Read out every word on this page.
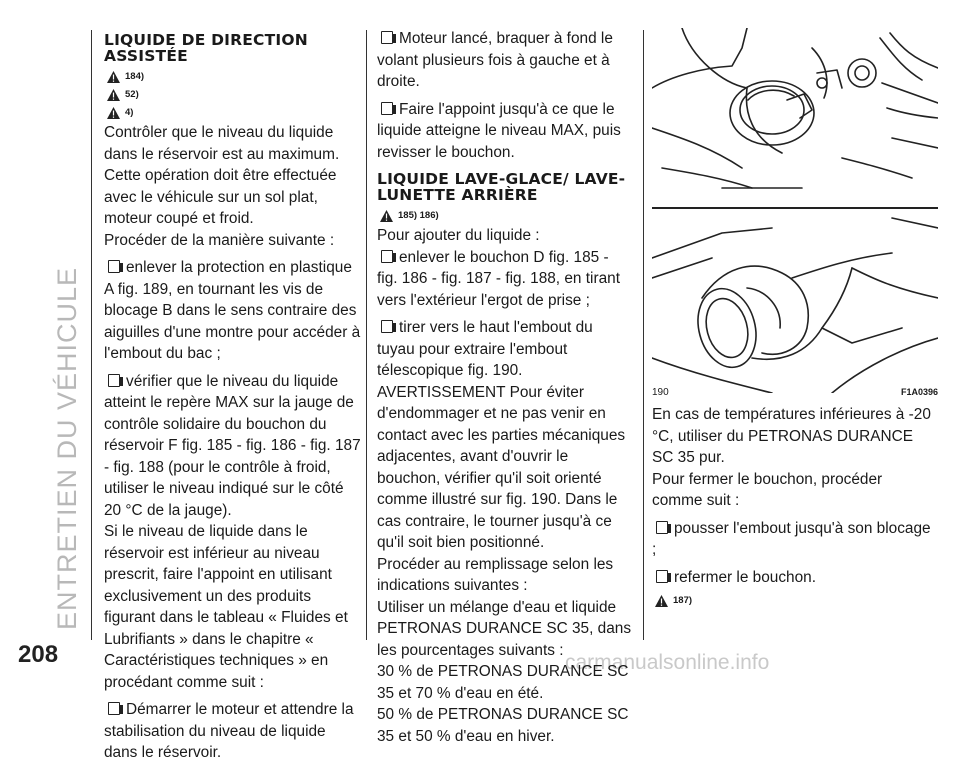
ENTRETIEN DU VÉHICULE
208	carmanualsonline.info
LIQUIDE DE DIRECTION ASSISTÉE
184)
52)
4)

Contrôler que le niveau du liquide dans le réservoir est au maximum. Cette opération doit être effectuée avec le véhicule sur un sol plat, moteur coupé et froid.

Procéder de la manière suivante :

enlever la protection en plastique A fig. 189, en tournant les vis de blocage B dans le sens contraire des aiguilles d'une montre pour accéder à l'embout du bac ;

vérifier que le niveau du liquide atteint le repère MAX sur la jauge de contrôle solidaire du bouchon du réservoir F fig. 185 - fig. 186 - fig. 187 - fig. 188 (pour le contrôle à froid, utiliser le niveau indiqué sur le côté 20 °C de la jauge).

Si le niveau de liquide dans le réservoir est inférieur au niveau prescrit, faire l'appoint en utilisant exclusivement un des produits figurant dans le tableau « Fluides et Lubrifiants » dans le chapitre « Caractéristiques techniques » en procédant comme suit :

Démarrer le moteur et attendre la stabilisation du niveau de liquide dans le réservoir.

Moteur lancé, braquer à fond le volant plusieurs fois à gauche et à droite.

Faire l'appoint jusqu'à ce que le liquide atteigne le niveau MAX, puis revisser le bouchon.

LIQUIDE LAVE-GLACE/ LAVE-LUNETTE ARRIÈRE
185) 186)

Pour ajouter du liquide :

enlever le bouchon D fig. 185 - fig. 186 - fig. 187 - fig. 188, en tirant vers l'extérieur l'ergot de prise ;

tirer vers le haut l'embout du tuyau pour extraire l'embout télescopique fig. 190.

AVERTISSEMENT Pour éviter d'endommager et ne pas venir en contact avec les parties mécaniques adjacentes, avant d'ouvrir le bouchon, vérifier qu'il soit orienté comme illustré sur fig. 190. Dans le cas contraire, le tourner jusqu'à ce qu'il soit bien positionné.

Procéder au remplissage selon les indications suivantes :

Utiliser un mélange d'eau et liquide PETRONAS DURANCE SC 35, dans les pourcentages suivants :

30 % de PETRONAS DURANCE SC 35 et 70 % d'eau en été.

50 % de PETRONAS DURANCE SC 35 et 50 % d'eau en hiver.

190	F1A0396

En cas de températures inférieures à -20 °C, utiliser du PETRONAS DURANCE SC 35 pur.

Pour fermer le bouchon, procéder comme suit :

pousser l'embout jusqu'à son blocage ;

refermer le bouchon.

187)
